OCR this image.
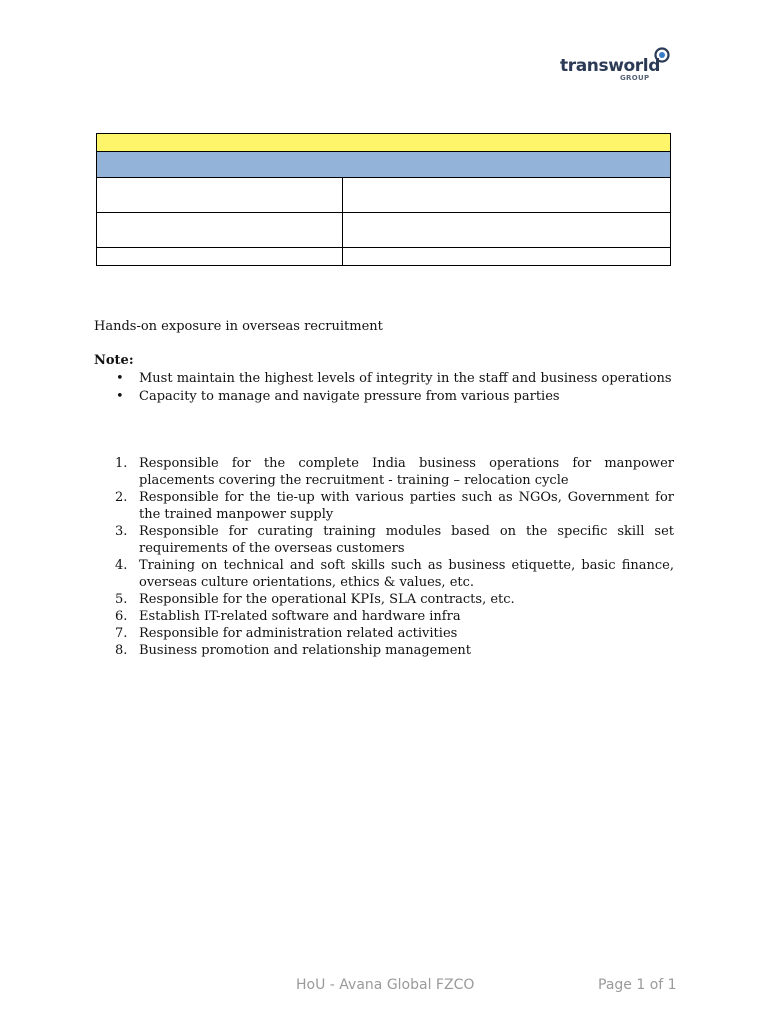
transworld
GROUP

Hands-on exposure in overseas recruitment
Note:
• Must maintain the highest levels of integrity in the staff and business operations
• Capacity to manage and navigate pressure from various parties
1. Responsible for the complete India business operations for manpower placements covering the recruitment - training – relocation cycle
2. Responsible for the tie-up with various parties such as NGOs, Government for the trained manpower supply
3. Responsible for curating training modules based on the specific skill set requirements of the overseas customers
4. Training on technical and soft skills such as business etiquette, basic finance, overseas culture orientations, ethics & values, etc.
5. Responsible for the operational KPIs, SLA contracts, etc.
6. Establish IT-related software and hardware infra
7. Responsible for administration related activities
8. Business promotion and relationship management
HoU - Avana Global FZCO	Page 1 of 1
